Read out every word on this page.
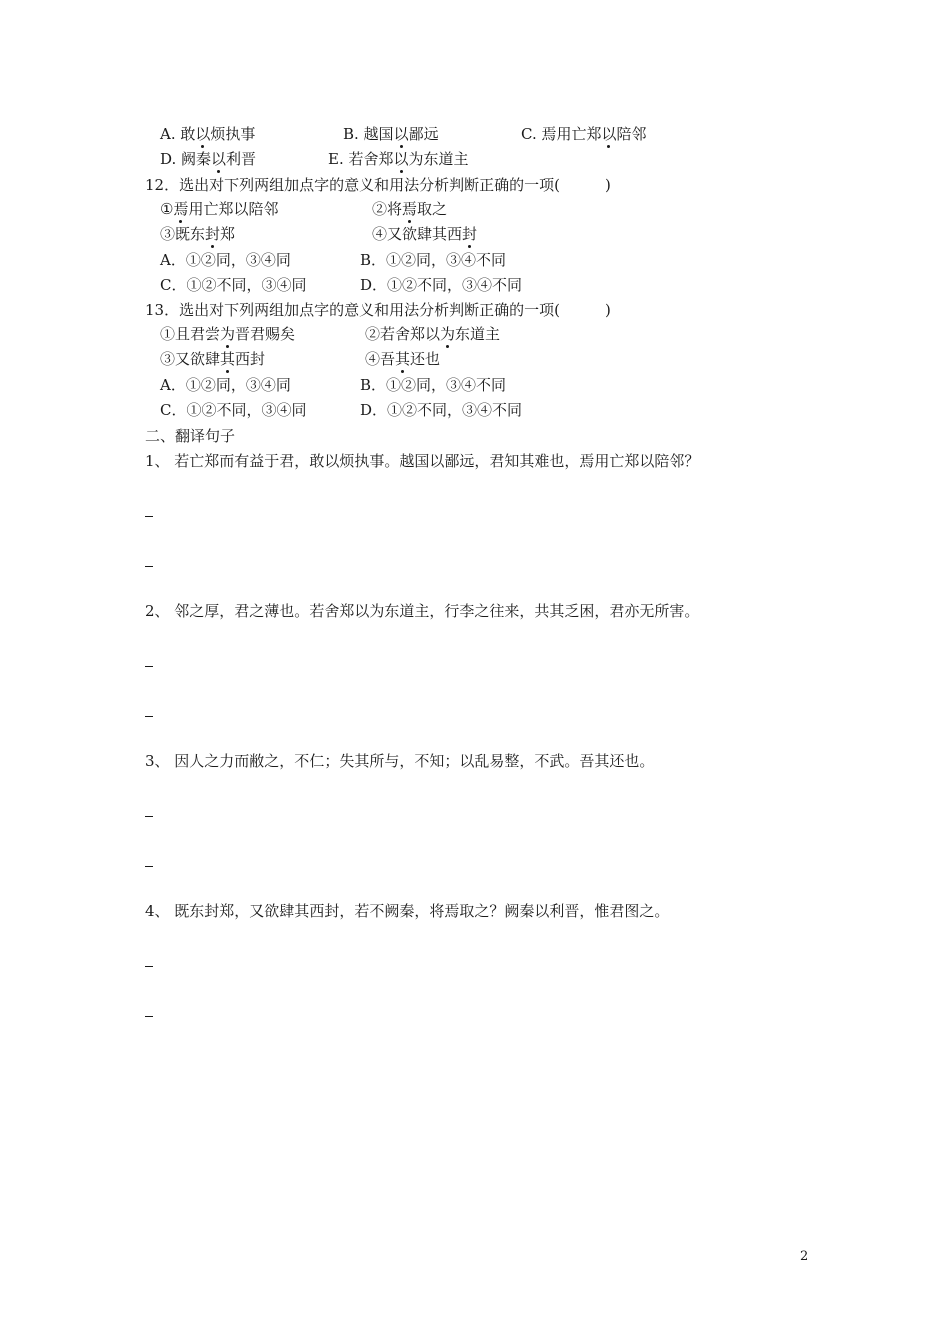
A. 敢以烦执事	B. 越国以鄙远	C. 焉用亡郑以陪邻
D. 阙秦以利晋	E. 若舍郑以为东道主
12．选出对下列两组加点字的意义和用法分析判断正确的一项(　　　)
①焉用亡郑以陪邻	②将焉取之
③既东封郑	④又欲肆其西封
A．①②同，③④同	B．①②同，③④不同
C．①②不同，③④同	D．①②不同，③④不同
13．选出对下列两组加点字的意义和用法分析判断正确的一项(　　　)
①且君尝为晋君赐矣	②若舍郑以为东道主
③又欲肆其西封	④吾其还也
A．①②同，③④同	B．①②同，③④不同
C．①②不同，③④同	D．①②不同，③④不同
二、翻译句子
1、 若亡郑而有益于君，敢以烦执事。越国以鄙远，君知其难也，焉用亡郑以陪邻？
2、 邻之厚，君之薄也。若舍郑以为东道主，行李之往来，共其乏困，君亦无所害。
3、 因人之力而敝之，不仁；失其所与，不知；以乱易整，不武。吾其还也。
4、 既东封郑，又欲肆其西封，若不阙秦，将焉取之？阙秦以利晋，惟君图之。
2
